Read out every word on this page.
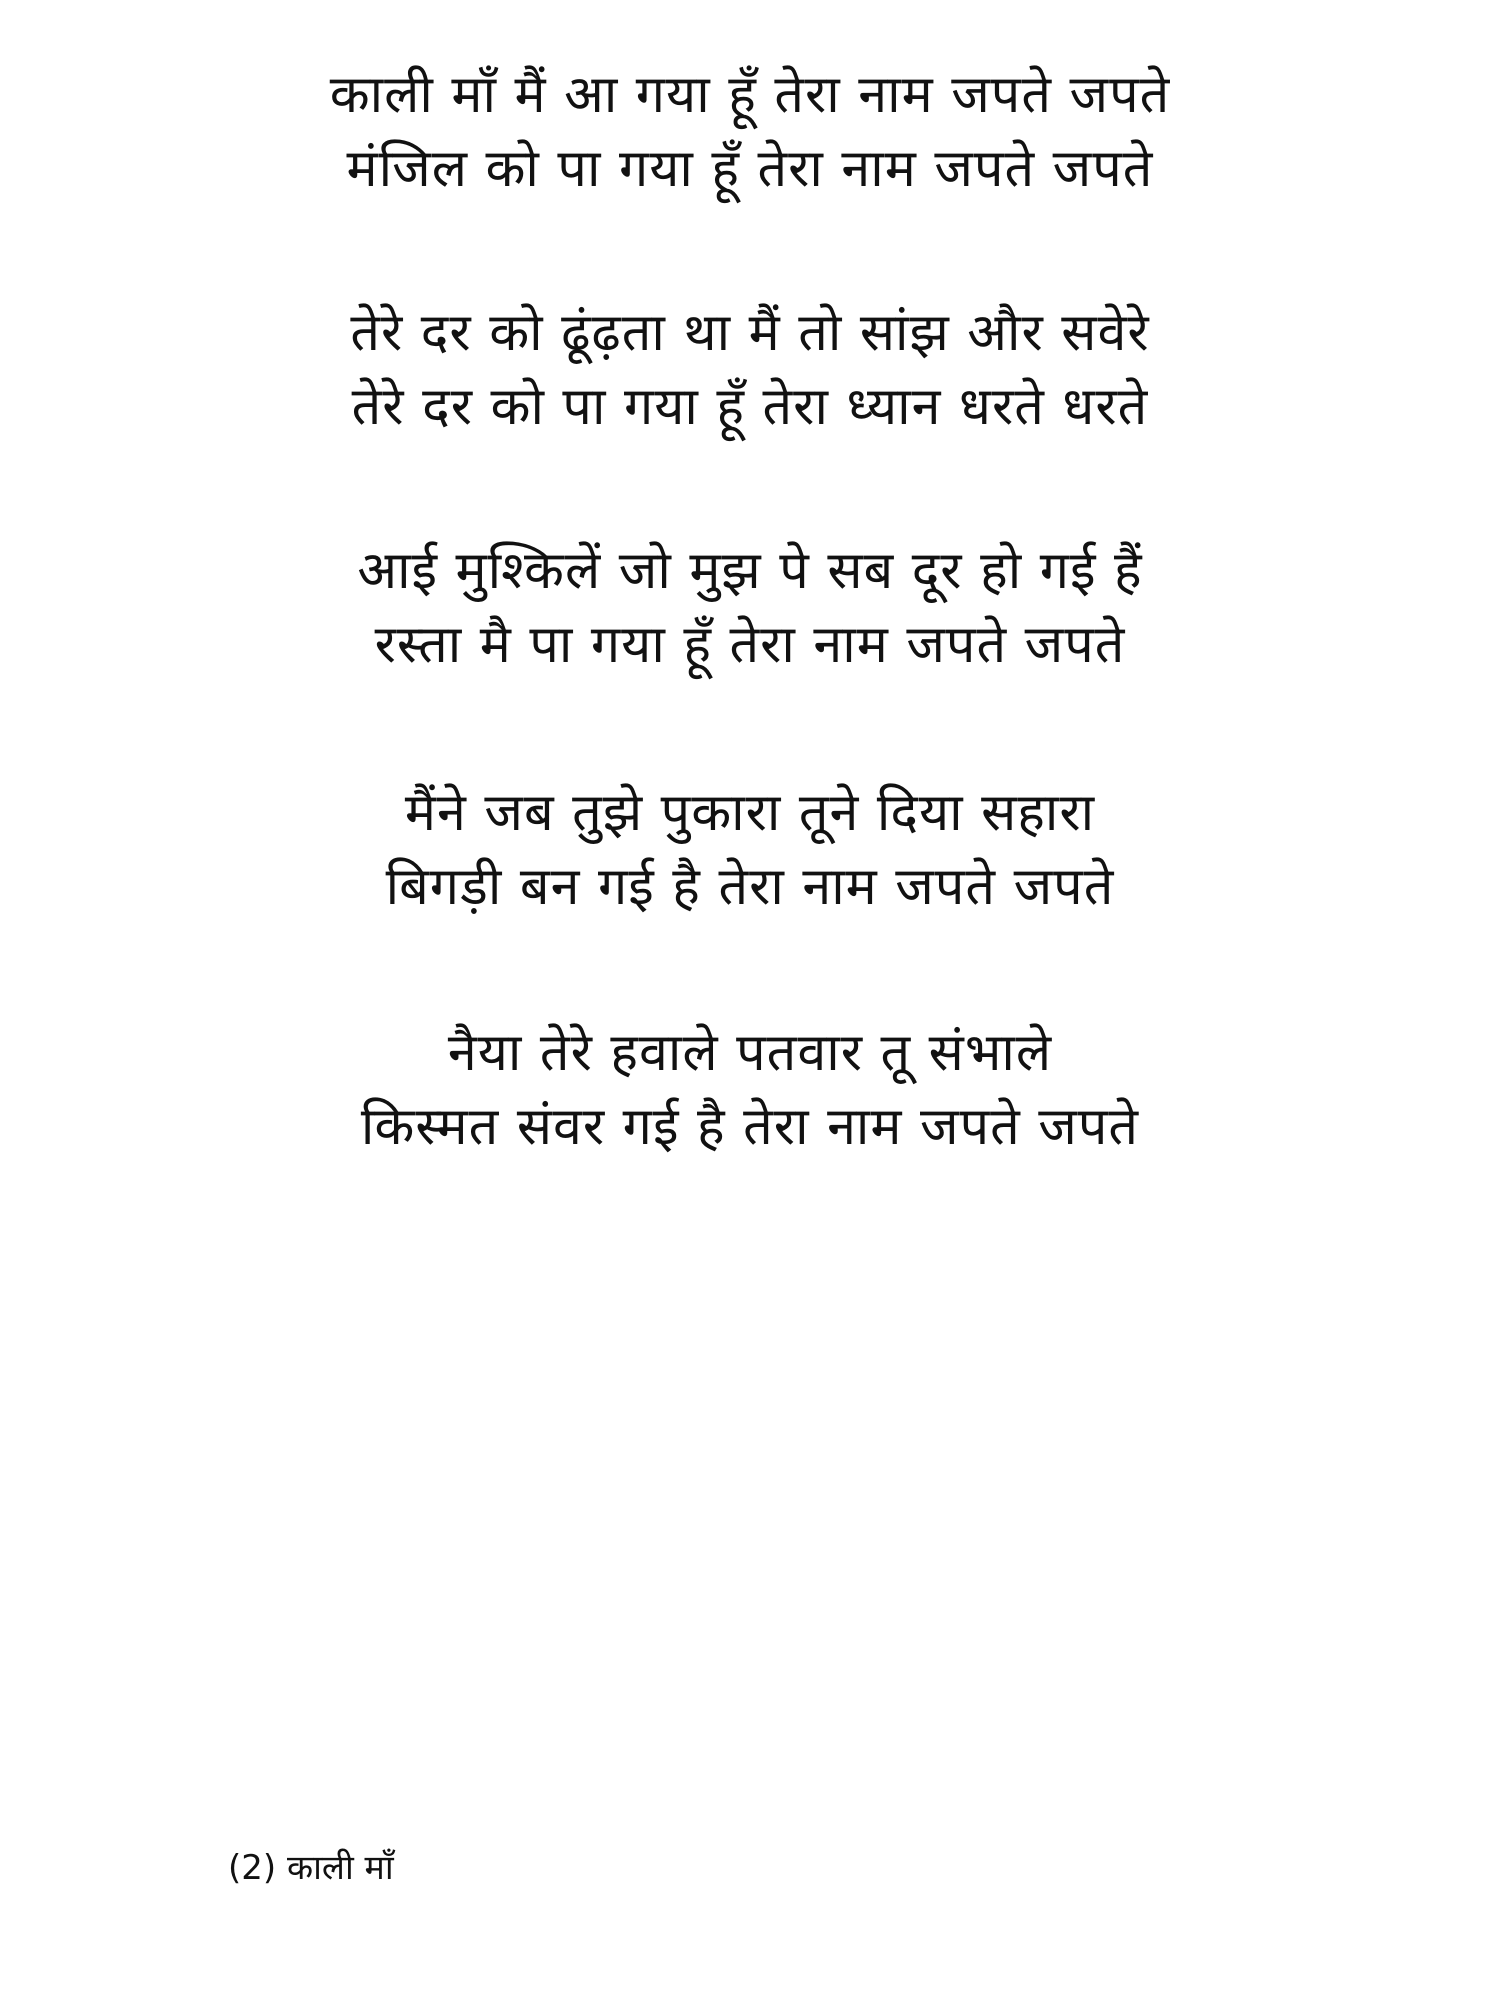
काली माँ मैं आ गया हूँ तेरा नाम जपते जपते
मंजिल को पा गया हूँ तेरा नाम जपते जपते
तेरे दर को ढूंढ़ता था मैं तो सांझ और सवेरे
तेरे दर को पा गया हूँ तेरा ध्यान धरते धरते
आई मुश्किलें जो मुझ पे सब दूर हो गई हैं
रस्ता मै पा गया हूँ तेरा नाम जपते जपते
मैंने जब तुझे पुकारा तूने दिया सहारा
बिगड़ी बन गई है तेरा नाम जपते जपते
नैया तेरे हवाले पतवार तू संभाले
किस्मत संवर गई है तेरा नाम जपते जपते
(2) काली माँ
